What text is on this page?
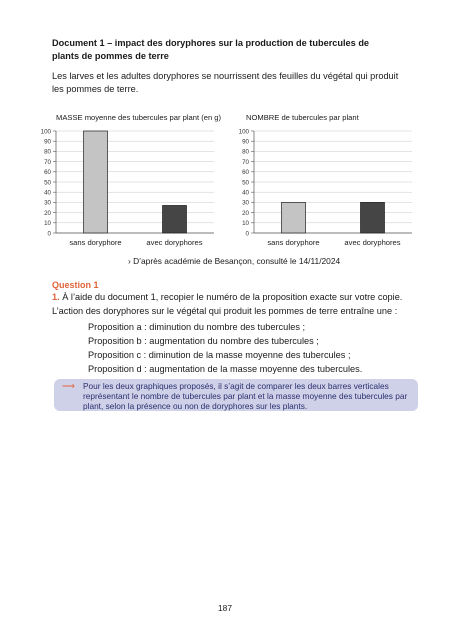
Document 1 – impact des doryphores sur la production de tubercules de plants de pommes de terre
Les larves et les adultes doryphores se nourrissent des feuilles du végétal qui produit les pommes de terre.
MASSE moyenne des tubercules par plant (en g)
0
10
20
30
40
50
60
70
80
90
100
sans doryphore	avec doryphores
NOMBRE de tubercules par plant
0
10
20
30
40
50
60
70
80
90
100
sans doryphore	avec doryphores
› D’après académie de Besançon, consulté le 14/11/2024
Question 1
1. À l’aide du document 1, recopier le numéro de la proposition exacte sur votre copie.
L’action des doryphores sur le végétal qui produit les pommes de terre entraîne une :
Proposition a : diminution du nombre des tubercules ;
Proposition b : augmentation du nombre des tubercules ;
Proposition c : diminution de la masse moyenne des tubercules ;
Proposition d : augmentation de la masse moyenne des tubercules.
⟶ Pour les deux graphiques proposés, il s’agit de comparer les deux barres verticales représentant le nombre de tubercules par plant et la masse moyenne des tubercules par plant, selon la présence ou non de doryphores sur les plants.
187
